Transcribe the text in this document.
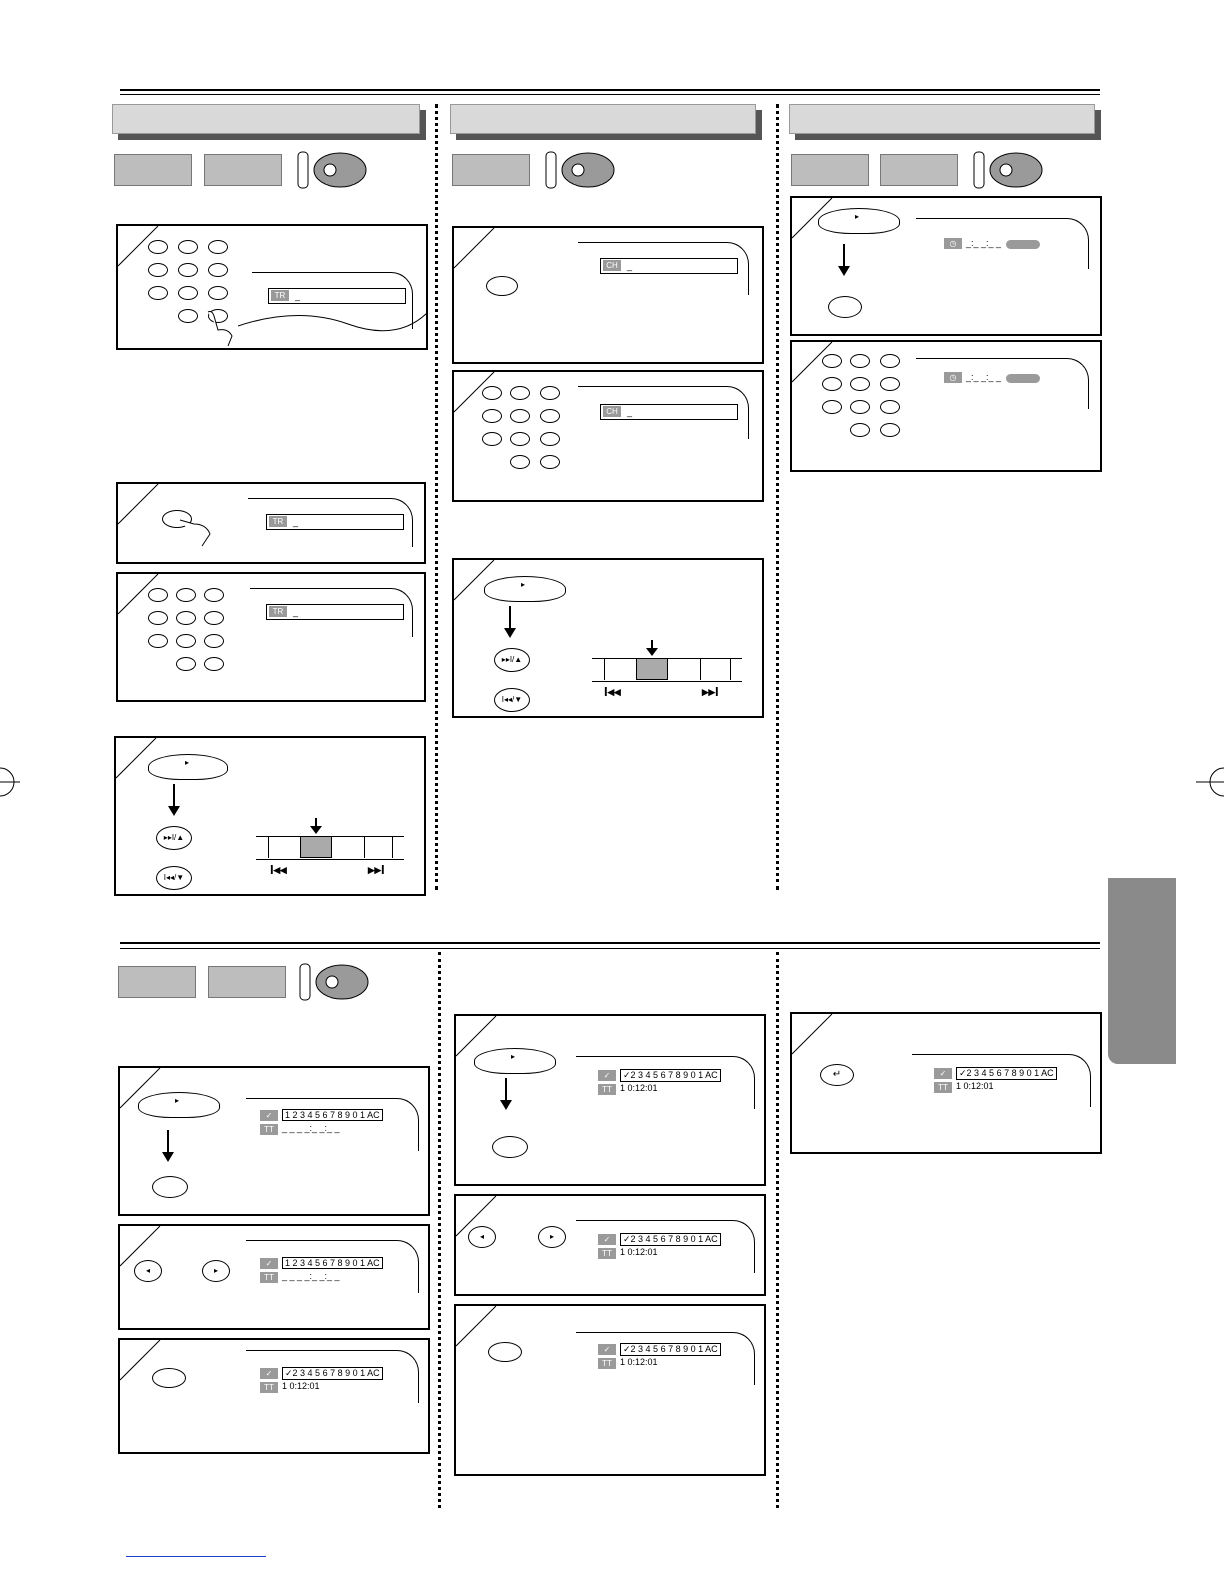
TR	_
TR	_
TR	_
▸
▸▸I/▲
I◂◂/▼
I◂◂	▸▸I
CH	_
CH	_
▸
▸▸I/▲
I◂◂/▼
I◂◂	▸▸I
▸
◷	_:_ _:_ _
◷	_:_ _:_ _
▸
✓	1 2 3 4 5 6 7 8 9 0 1 AC
TT _ _ _ _:_ _:_ _
◂	▸
✓	1 2 3 4 5 6 7 8 9 0 1 AC
TT _ _ _ _:_ _:_ _
✓	✓2 3 4 5 6 7 8 9 0 1 AC
TT 1 0:12:01
▸
✓	✓2 3 4 5 6 7 8 9 0 1 AC
TT 1 0:12:01
◂	▸	✓	✓2 3 4 5 6 7 8 9 0 1 AC
TT 1 0:12:01
✓	✓2 3 4 5 6 7 8 9 0 1 AC
TT 1 0:12:01
↵	✓	✓2 3 4 5 6 7 8 9 0 1 AC
TT 1 0:12:01
